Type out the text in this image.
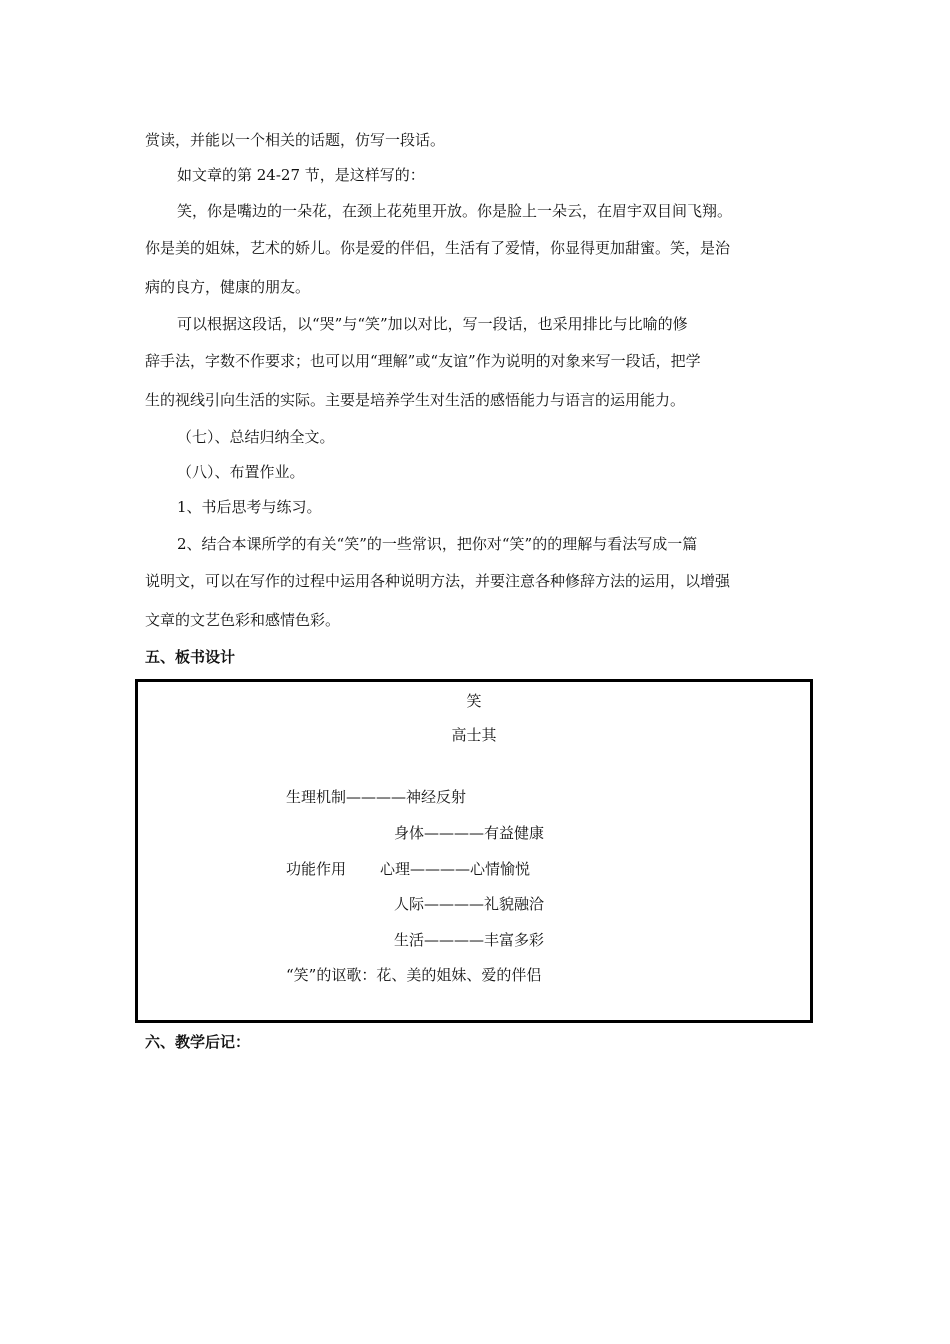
赏读，并能以一个相关的话题，仿写一段话。
如文章的第 24-27 节，是这样写的：
笑，你是嘴边的一朵花，在颈上花苑里开放。你是脸上一朵云，在眉宇双目间飞翔。
你是美的姐妹，艺术的娇儿。你是爱的伴侣，生活有了爱情，你显得更加甜蜜。笑，是治
病的良方，健康的朋友。
可以根据这段话，以“哭”与“笑”加以对比，写一段话，也采用排比与比喻的修
辞手法，字数不作要求；也可以用“理解”或“友谊”作为说明的对象来写一段话，把学
生的视线引向生活的实际。主要是培养学生对生活的感悟能力与语言的运用能力。
（七）、总结归纳全文。
（八）、布置作业。
1、书后思考与练习。
2、结合本课所学的有关“笑”的一些常识，把你对“笑”的的理解与看法写成一篇
说明文，可以在写作的过程中运用各种说明方法，并要注意各种修辞方法的运用，以增强
文章的文艺色彩和感情色彩。
五、板书设计
笑
高士其
生理机制————神经反射
身体————有益健康
功能作用 心理————心情愉悦
人际————礼貌融洽
生活————丰富多彩
“笑”的讴歌：花、美的姐妹、爱的伴侣
六、教学后记：
